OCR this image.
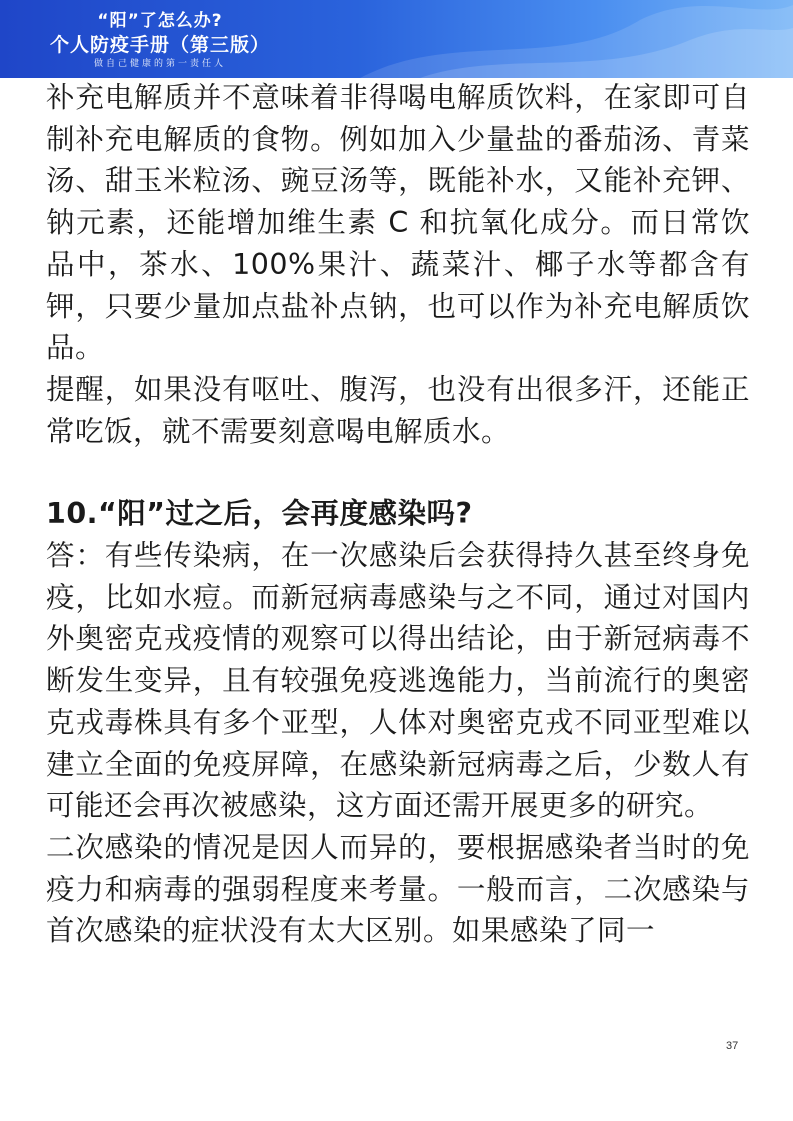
“阳”了怎么办?
个人防疫手册（第三版）
做自己健康的第一责任人

补充电解质并不意味着非得喝电解质饮料，在家即可自制补充电解质的食物。例如加入少量盐的番茄汤、青菜汤、甜玉米粒汤、豌豆汤等，既能补水，又能补充钾、钠元素，还能增加维生素 C 和抗氧化成分。而日常饮品中，茶水、100%果汁、蔬菜汁、椰子水等都含有钾，只要少量加点盐补点钠，也可以作为补充电解质饮品。

提醒，如果没有呕吐、腹泻，也没有出很多汗，还能正常吃饭，就不需要刻意喝电解质水。

10.“阳”过之后，会再度感染吗?

答：有些传染病，在一次感染后会获得持久甚至终身免疫，比如水痘。而新冠病毒感染与之不同，通过对国内外奥密克戎疫情的观察可以得出结论，由于新冠病毒不断发生变异，且有较强免疫逃逸能力，当前流行的奥密克戎毒株具有多个亚型，人体对奥密克戎不同亚型难以建立全面的免疫屏障，在感染新冠病毒之后，少数人有可能还会再次被感染，这方面还需开展更多的研究。

二次感染的情况是因人而异的，要根据感染者当时的免疫力和病毒的强弱程度来考量。一般而言，二次感染与首次感染的症状没有太大区别。如果感染了同一

37
